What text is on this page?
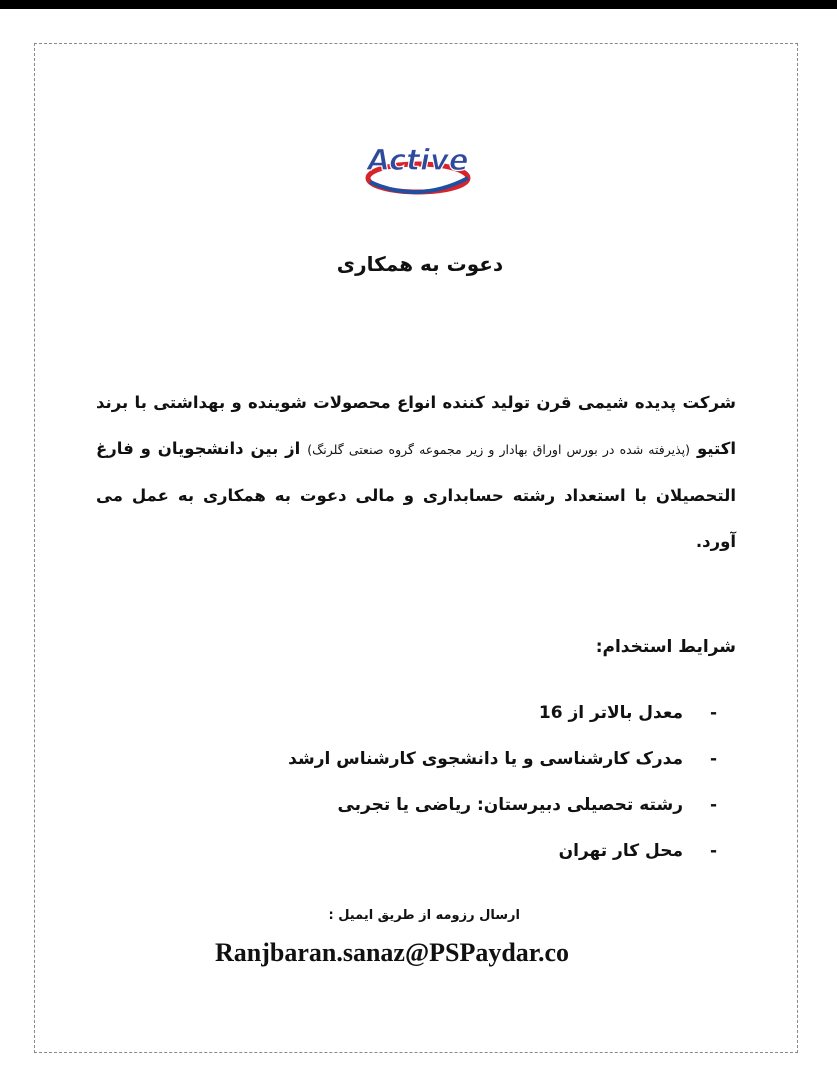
Active
دعوت به همکاری

شرکت پدیده شیمی قرن تولید کننده انواع محصولات شوینده و بهداشتی با برند اکتیو (پذیرفته شده در بورس اوراق بهادار و زیر مجموعه گروه صنعتی گلرنگ) از بین دانشجویان و فارغ التحصیلان با استعداد رشته حسابداری و مالی دعوت به همکاری به عمل می آورد.

شرایط استخدام:
-معدل بالاتر از 16
-مدرک کارشناسی و یا دانشجوی کارشناس ارشد
-رشته تحصیلی دبیرستان: ریاضی یا تجربی
-محل کار تهران

ارسال رزومه از طریق ایمیل :

Ranjbaran.sanaz@PSPaydar.co
